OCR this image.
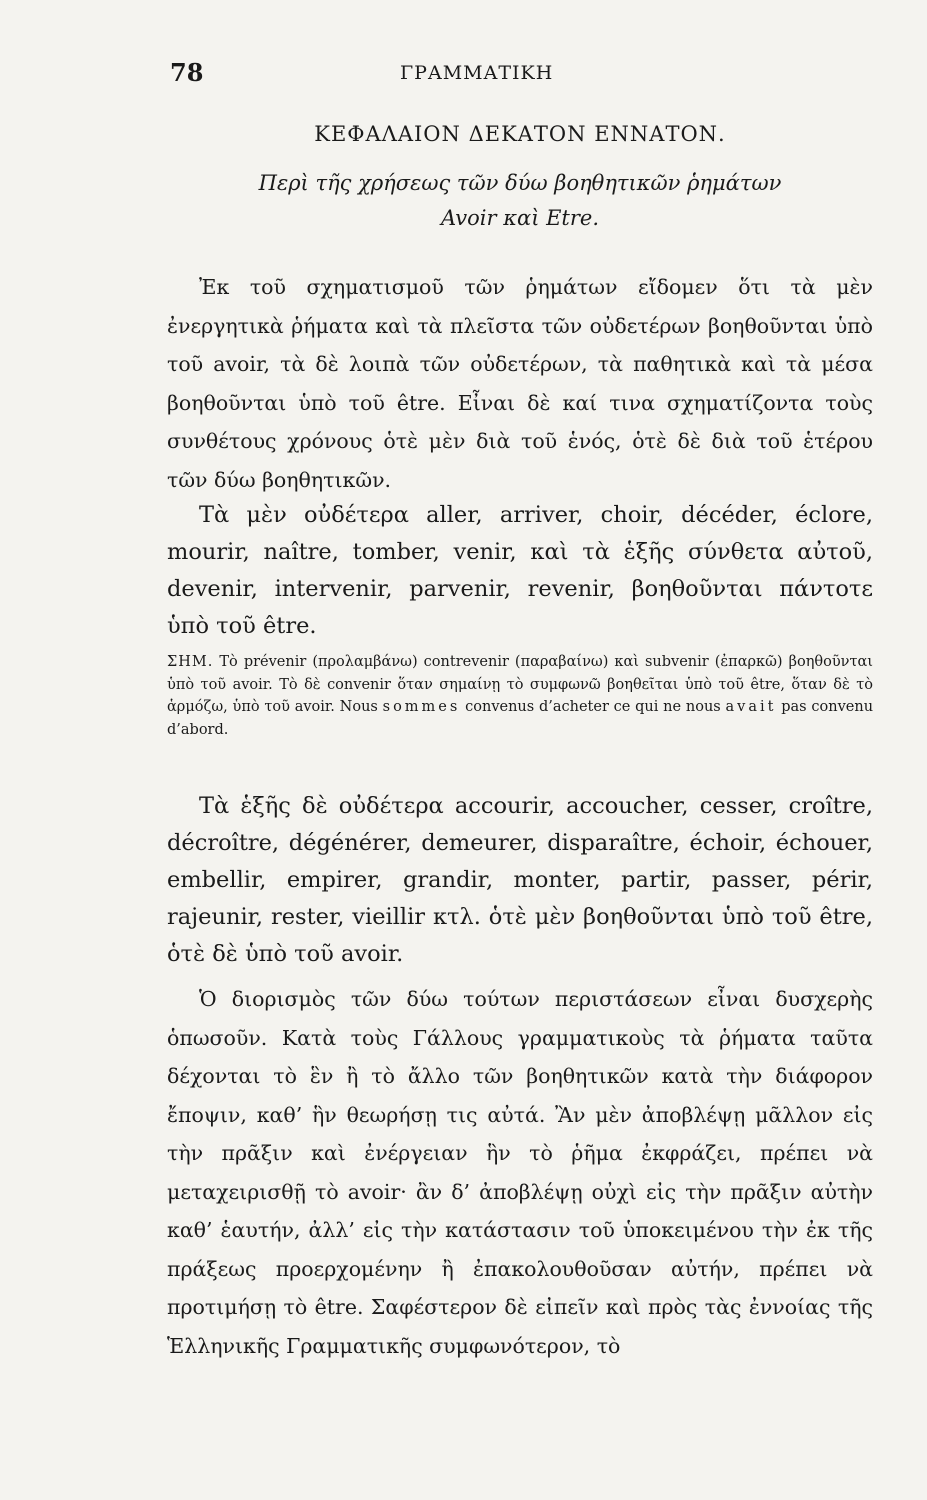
78	ΓΡΑΜΜΑΤΙΚΗ
ΚΕΦΑΛΑΙΟΝ ΔΕΚΑΤΟΝ ΕΝΝΑΤΟΝ.
Περὶ τῆς χρήσεως τῶν δύω βοηθητικῶν ῥημάτων
Avoir καὶ Etre.

Ἐκ τοῦ σχηματισμοῦ τῶν ῥημάτων εἴδομεν ὅτι τὰ μὲν ἐνεργητικὰ ῥήματα καὶ τὰ πλεῖστα τῶν οὐδετέρων βοηθοῦνται ὑπὸ τοῦ avoir, τὰ δὲ λοιπὰ τῶν οὐδετέρων, τὰ παθητικὰ καὶ τὰ μέσα βοηθοῦνται ὑπὸ τοῦ être. Εἶναι δὲ καί τινα σχηματίζοντα τοὺς συνθέτους χρόνους ὁτὲ μὲν διὰ τοῦ ἑνός, ὁτὲ δὲ διὰ τοῦ ἑτέρου τῶν δύω βοηθητικῶν.

Τὰ μὲν οὐδέτερα aller, arriver, choir, décéder, éclore, mourir, naître, tomber, venir, καὶ τὰ ἑξῆς σύνθετα αὐτοῦ, devenir, intervenir, parvenir, revenir, βοηθοῦνται πάντοτε ὑπὸ τοῦ être.

ΣΗΜ. Τὸ prévenir (προλαμβάνω) contrevenir (παραβαίνω) καὶ subvenir (ἐπαρκῶ) βοηθοῦνται ὑπὸ τοῦ avoir. Τὸ δὲ convenir ὅταν σημαίνῃ τὸ συμφωνῶ βοηθεῖται ὑπὸ τοῦ être, ὅταν δὲ τὸ ἁρμόζω, ὑπὸ τοῦ avoir. Nous sommes convenus d’acheter ce qui ne nous avait pas convenu d’abord.

Τὰ ἑξῆς δὲ οὐδέτερα accourir, accoucher, cesser, croître, décroître, dégénérer, demeurer, disparaître, échoir, échouer, embellir, empirer, grandir, monter, partir, passer, périr, rajeunir, rester, vieillir κτλ. ὁτὲ μὲν βοηθοῦνται ὑπὸ τοῦ être, ὁτὲ δὲ ὑπὸ τοῦ avoir.

Ὁ διορισμὸς τῶν δύω τούτων περιστάσεων εἶναι δυσχερὴς ὁπωσοῦν. Κατὰ τοὺς Γάλλους γραμματικοὺς τὰ ῥήματα ταῦτα δέχονται τὸ ἓν ἢ τὸ ἄλλο τῶν βοηθητικῶν κατὰ τὴν διάφορον ἔποψιν, καθ’ ἣν θεωρήσῃ τις αὐτά. Ἂν μὲν ἀποβλέψῃ μᾶλλον εἰς τὴν πρᾶξιν καὶ ἐνέργειαν ἣν τὸ ῥῆμα ἐκφράζει, πρέπει νὰ μεταχειρισθῇ τὸ avoir· ἂν δ’ ἀποβλέψῃ οὐχὶ εἰς τὴν πρᾶξιν αὐτὴν καθ’ ἑαυτήν, ἀλλ’ εἰς τὴν κατάστασιν τοῦ ὑποκειμένου τὴν ἐκ τῆς πράξεως προερχομένην ἢ ἐπακολουθοῦσαν αὐτήν, πρέπει νὰ προτιμήσῃ τὸ être. Σαφέστερον δὲ εἰπεῖν καὶ πρὸς τὰς ἐννοίας τῆς Ἑλληνικῆς Γραμματικῆς συμφωνότερον, τὸ
